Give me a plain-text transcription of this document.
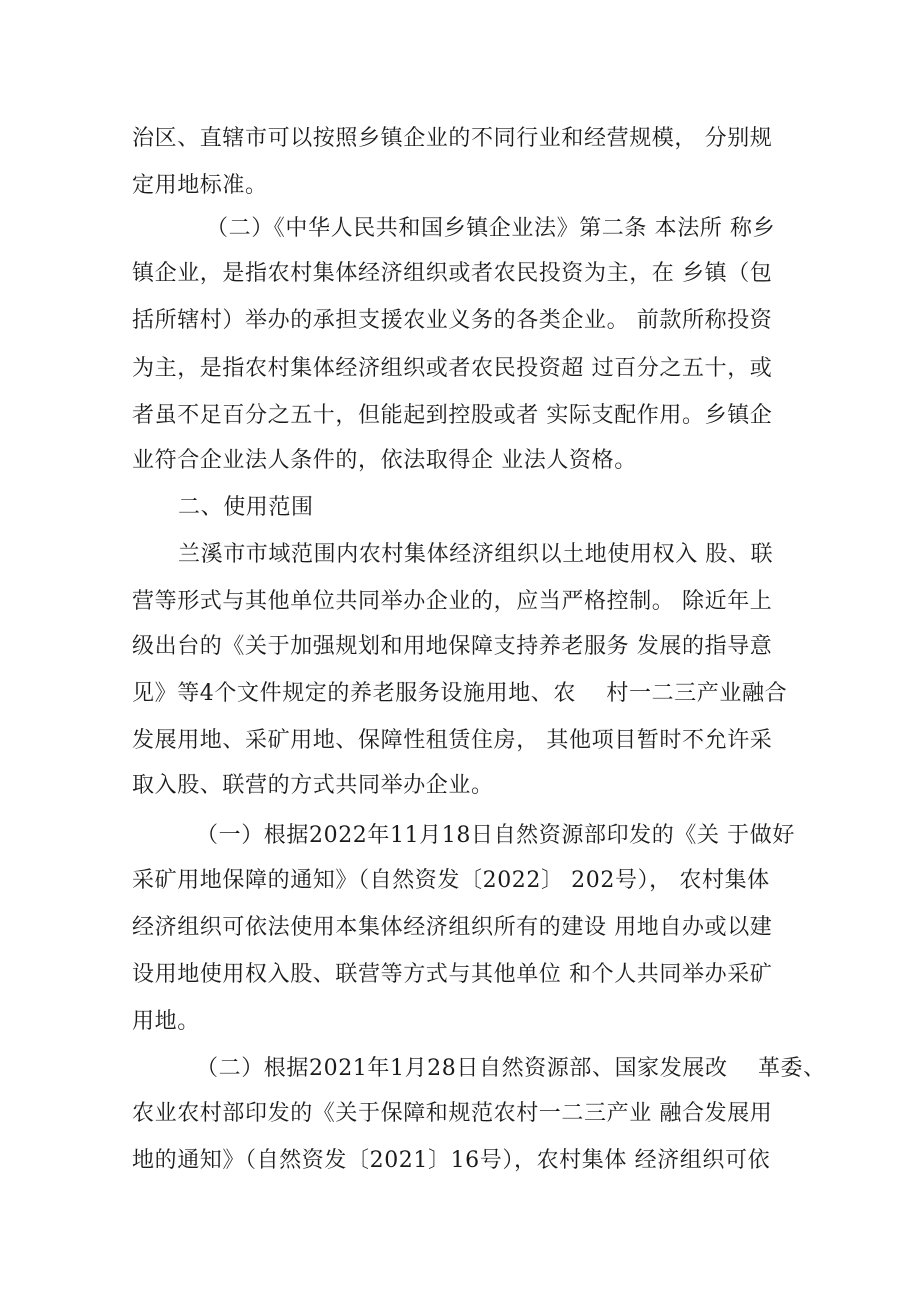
治区、直辖市可以按照乡镇企业的不同行业和经营规模， 分别规
定用地标准。
（二）《中华人民共和国乡镇企业法》第二条 本法所 称乡
镇企业，是指农村集体经济组织或者农民投资为主，在 乡镇（包
括所辖村）举办的承担支援农业义务的各类企业。 前款所称投资
为主，是指农村集体经济组织或者农民投资超 过百分之五十，或
者虽不足百分之五十，但能起到控股或者 实际支配作用。乡镇企
业符合企业法人条件的，依法取得企 业法人资格。
二、使用范围
兰溪市市域范围内农村集体经济组织以土地使用权入 股、联
营等形式与其他单位共同举办企业的，应当严格控制。 除近年上
级出台的《关于加强规划和用地保障支持养老服务 发展的指导意
见》等4个文件规定的养老服务设施用地、农    村一二三产业融合
发展用地、采矿用地、保障性租赁住房， 其他项目暂时不允许采
取入股、联营的方式共同举办企业。
（一）根据2022年11月18日自然资源部印发的《关 于做好
采矿用地保障的通知》（自然资发〔2022〕 202号）， 农村集体
经济组织可依法使用本集体经济组织所有的建设 用地自办或以建
设用地使用权入股、联营等方式与其他单位 和个人共同举办采矿
用地。
（二）根据2021年1月28日自然资源部、国家发展改    革委、
农业农村部印发的《关于保障和规范农村一二三产业 融合发展用
地的通知》（自然资发〔2021〕16号），农村集体 经济组织可依
